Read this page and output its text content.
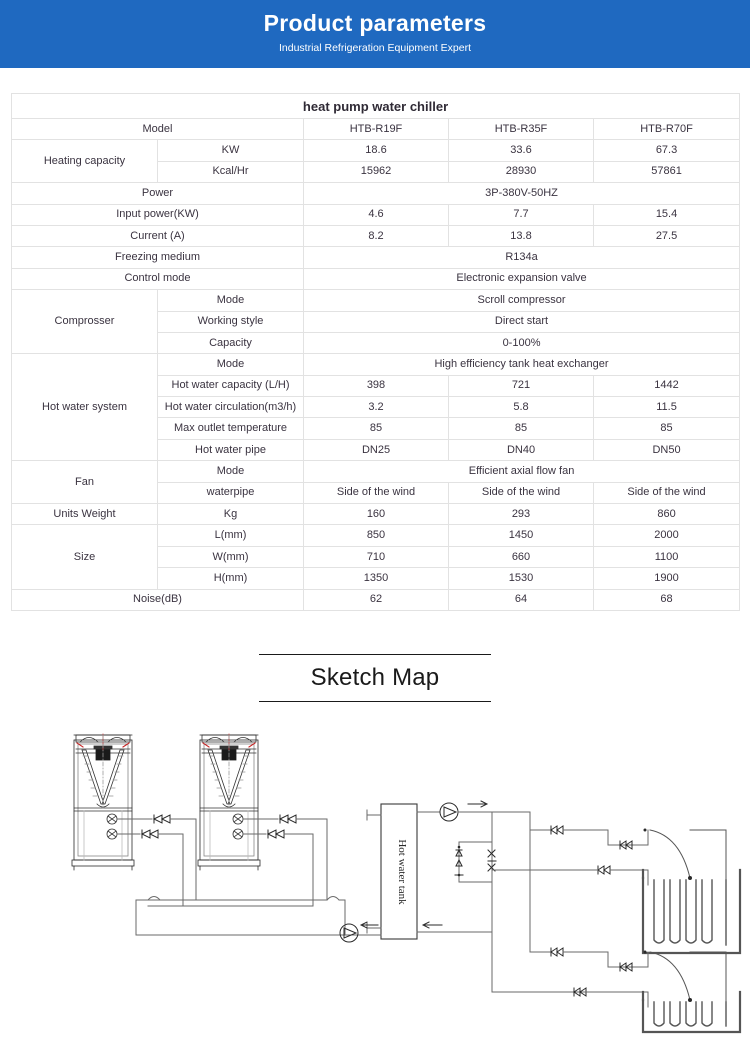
Product parameters
Industrial Refrigeration Equipment Expert
heat pump water chiller				
Model		HTB-R19F	HTB-R35F	HTB-R70F
Heating capacity	KW	18.6	33.6	67.3
	Kcal/Hr	15962	28930	57861
Power		3P-380V-50HZ		
Input power(KW)		4.6	7.7	15.4
Current (A)		8.2	13.8	27.5
Freezing medium		R134a		
Control mode		Electronic expansion valve		
Comprosser	Mode	Scroll compressor		
	Working style	Direct start		
	Capacity	0-100%		
Hot water system	Mode	High efficiency tank heat exchanger		
	Hot water capacity (L/H)	398	721	1442
	Hot water circulation(m3/h)	3.2	5.8	11.5
	Max outlet temperature	85	85	85
	Hot water pipe	DN25	DN40	DN50
Fan	Mode	Efficient axial flow fan		
	waterpipe	Side of the wind	Side of the wind	Side of the wind
Units Weight	Kg	160	293	860
Size	L(mm)	850	1450	2000
	W(mm)	710	660	1100
	H(mm)	1350	1530	1900
Noise(dB)		62	64	68
Sketch Map
Hot water tank
